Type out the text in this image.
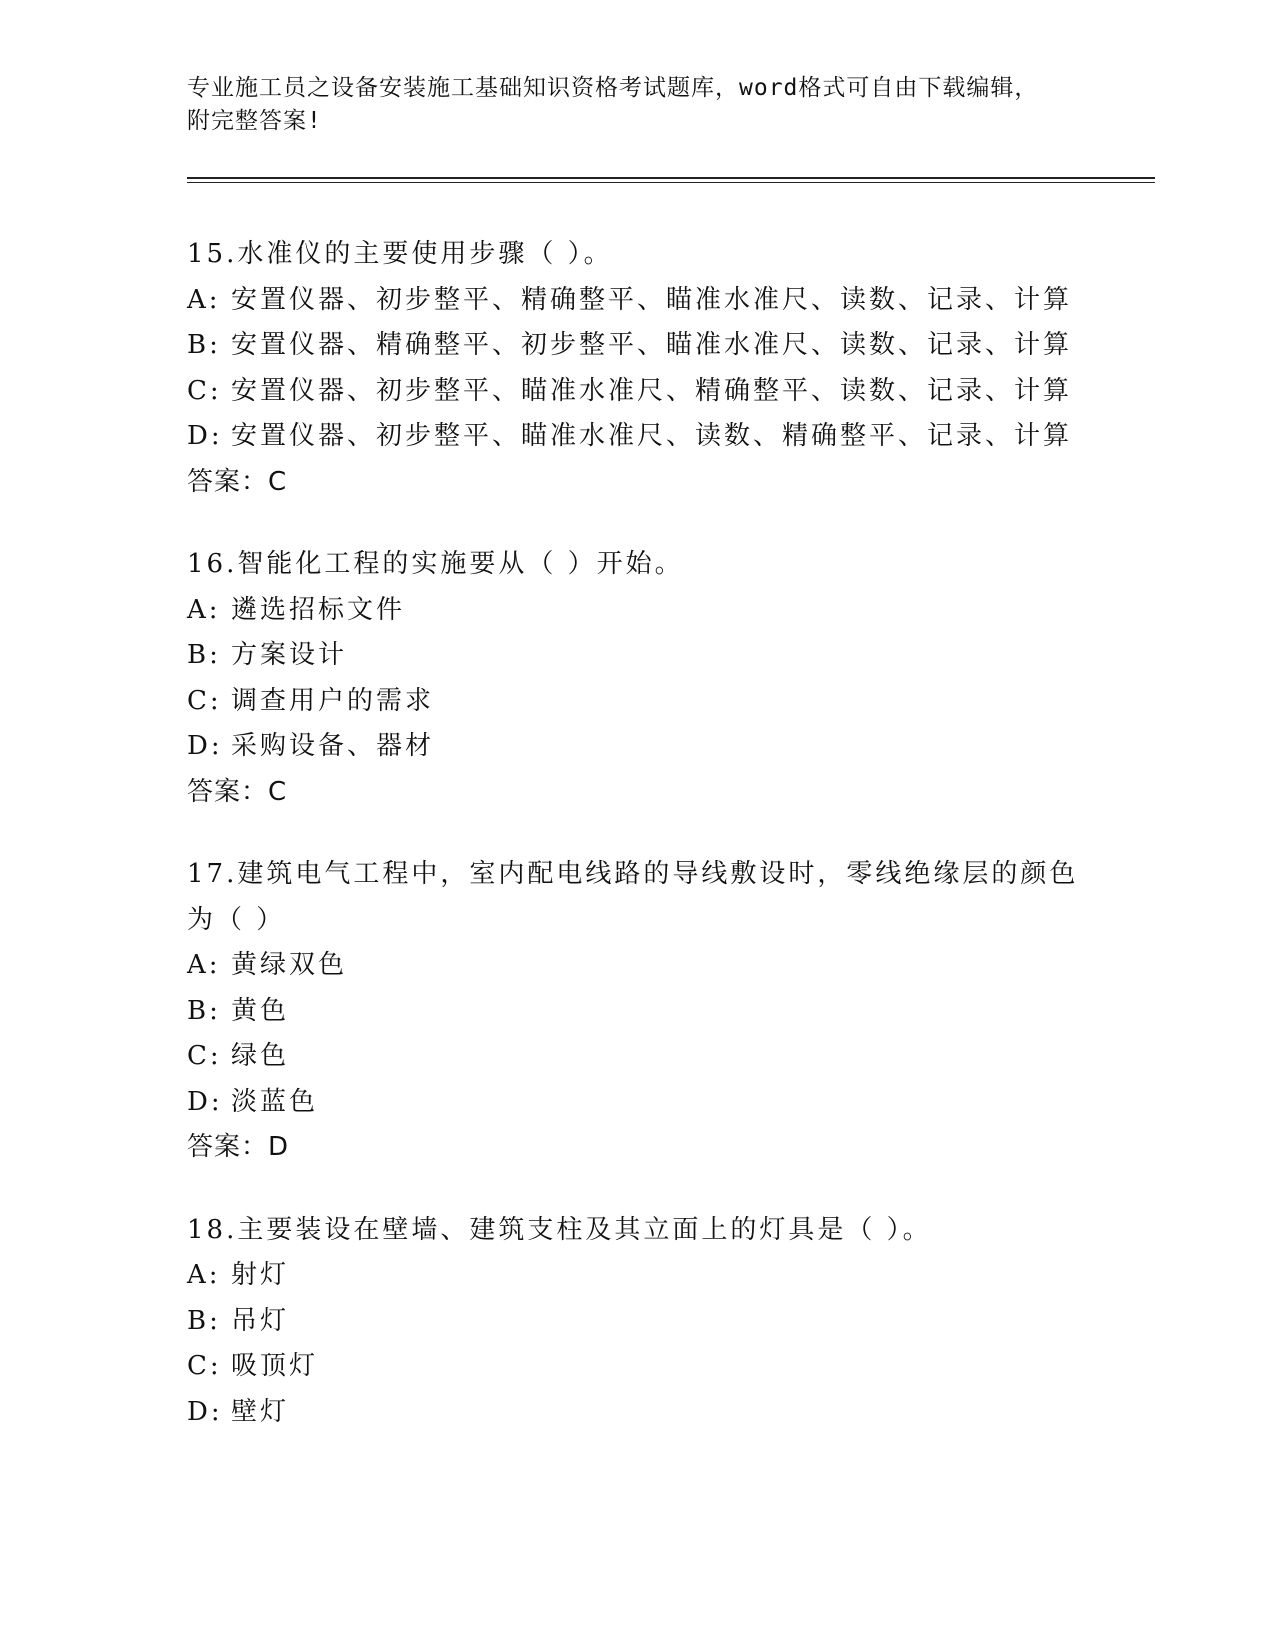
专业施工员之设备安装施工基础知识资格考试题库，word格式可自由下载编辑，
附完整答案!
15.水准仪的主要使用步骤（ ）。
A: 安置仪器、初步整平、精确整平、瞄准水准尺、读数、记录、计算
B: 安置仪器、精确整平、初步整平、瞄准水准尺、读数、记录、计算
C: 安置仪器、初步整平、瞄准水准尺、精确整平、读数、记录、计算
D: 安置仪器、初步整平、瞄准水准尺、读数、精确整平、记录、计算
答案：C
16.智能化工程的实施要从（ ）开始。
A: 遴选招标文件
B: 方案设计
C: 调查用户的需求
D: 采购设备、器材
答案：C
17.建筑电气工程中，室内配电线路的导线敷设时，零线绝缘层的颜色为（ ）
A: 黄绿双色
B: 黄色
C: 绿色
D: 淡蓝色
答案：D
18.主要装设在壁墙、建筑支柱及其立面上的灯具是（ ）。
A: 射灯
B: 吊灯
C: 吸顶灯
D: 壁灯
